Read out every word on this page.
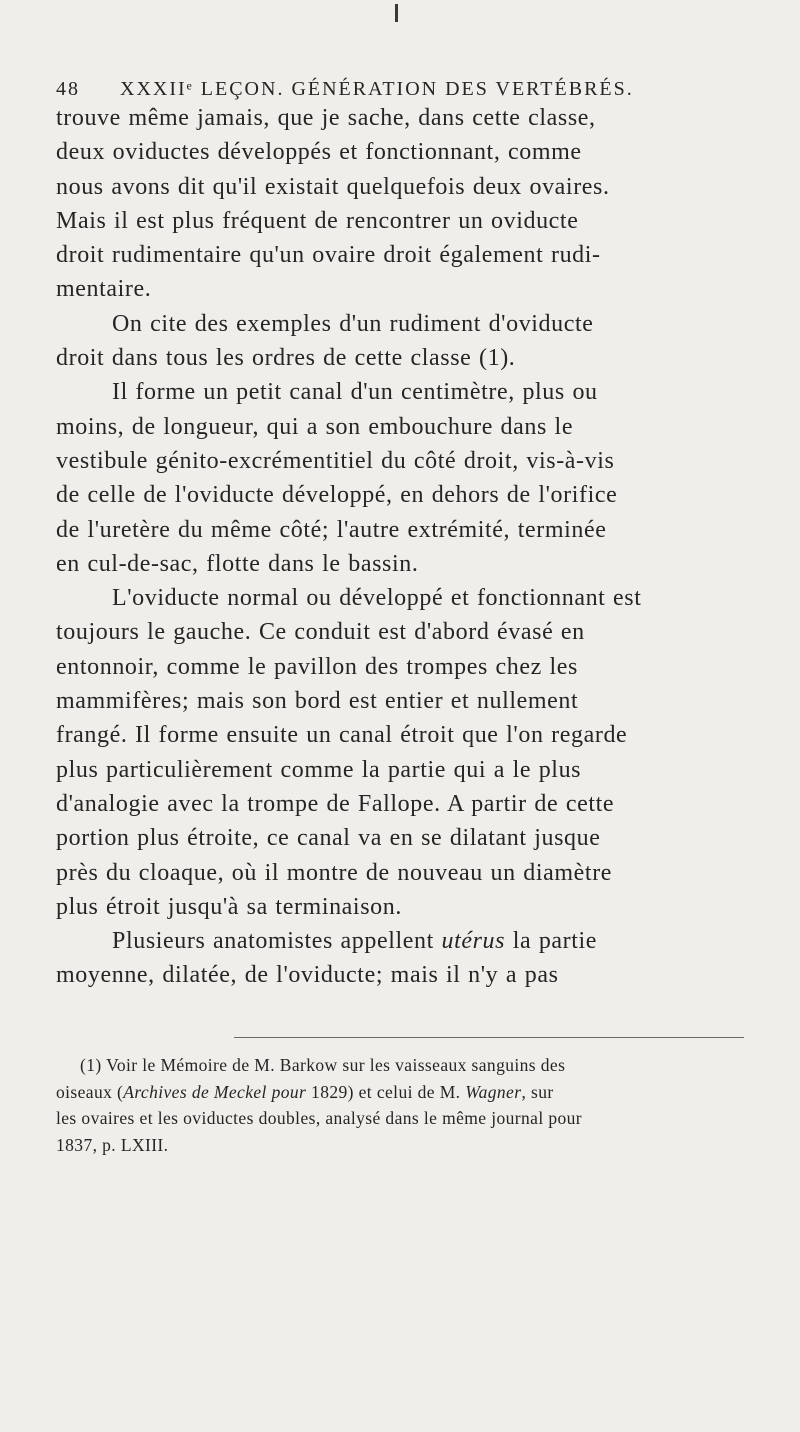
48 XXXIIᵉ LEÇON. GÉNÉRATION DES VERTÉBRÉS.
trouve même jamais, que je sache, dans cette classe,
deux oviductes développés et fonctionnant, comme
nous avons dit qu'il existait quelquefois deux ovaires.
Mais il est plus fréquent de rencontrer un oviducte
droit rudimentaire qu'un ovaire droit également rudi-
mentaire.
On cite des exemples d'un rudiment d'oviducte
droit dans tous les ordres de cette classe (1).
Il forme un petit canal d'un centimètre, plus ou
moins, de longueur, qui a son embouchure dans le
vestibule génito-excrémentitiel du côté droit, vis-à-vis
de celle de l'oviducte développé, en dehors de l'orifice
de l'uretère du même côté; l'autre extrémité, terminée
en cul-de-sac, flotte dans le bassin.
L'oviducte normal ou développé et fonctionnant est
toujours le gauche. Ce conduit est d'abord évasé en
entonnoir, comme le pavillon des trompes chez les
mammifères; mais son bord est entier et nullement
frangé. Il forme ensuite un canal étroit que l'on regarde
plus particulièrement comme la partie qui a le plus
d'analogie avec la trompe de Fallope. A partir de cette
portion plus étroite, ce canal va en se dilatant jusque
près du cloaque, où il montre de nouveau un diamètre
plus étroit jusqu'à sa terminaison.
Plusieurs anatomistes appellent utérus la partie
moyenne, dilatée, de l'oviducte; mais il n'y a pas
(1) Voir le Mémoire de M. Barkow sur les vaisseaux sanguins des
oiseaux (Archives de Meckel pour 1829) et celui de M. Wagner, sur
les ovaires et les oviductes doubles, analysé dans le même journal pour
1837, p. LXIII.
